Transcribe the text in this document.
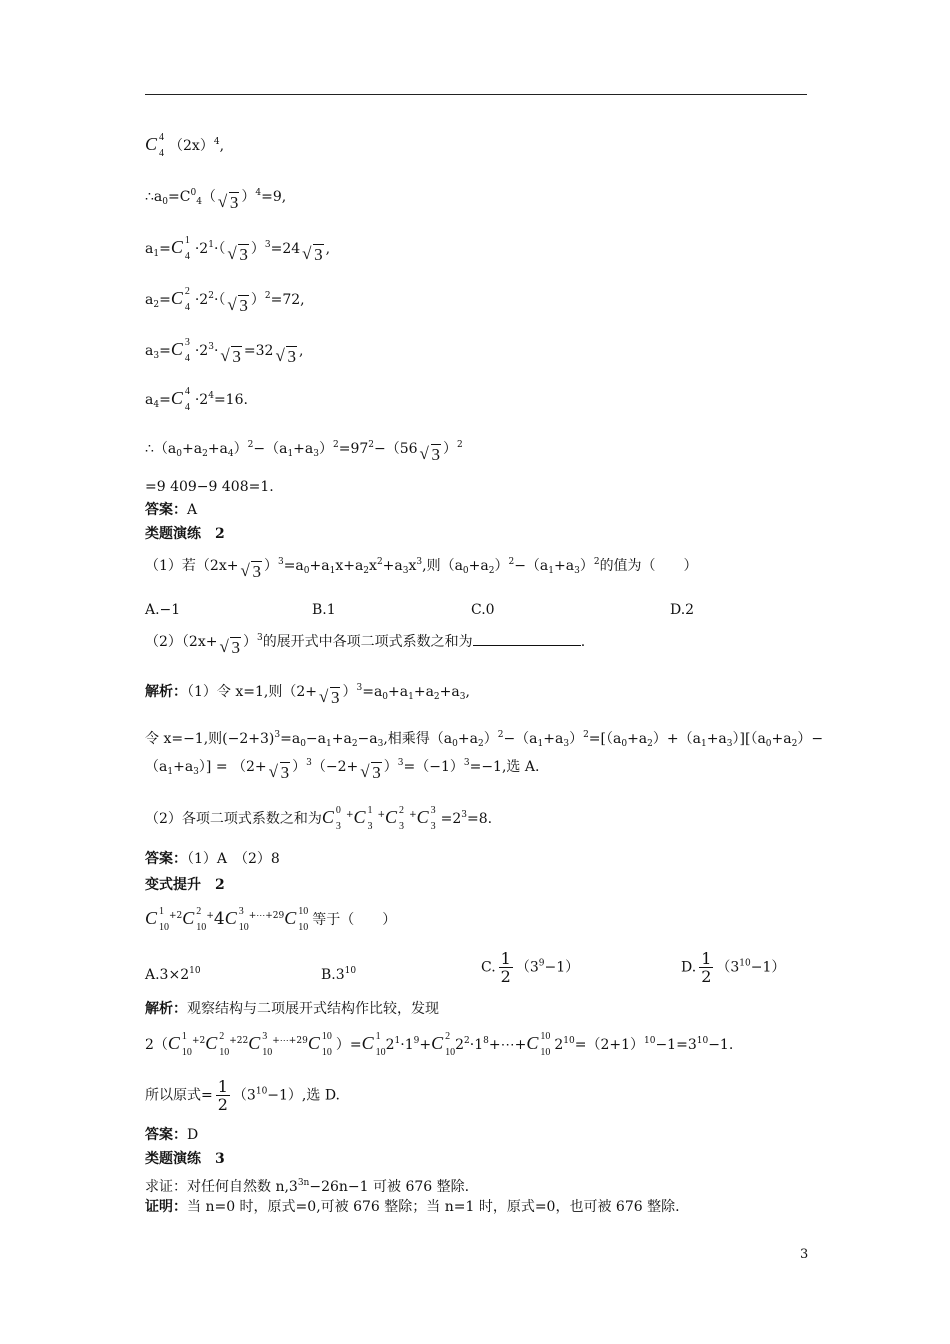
C 4
4 $(2x)^4$,
$\therefore a_0=C^0_4$（ √ 3 ）$^4$=9,
$a_1=C$ 1
$4 \cdot 2^1\cdot$（ √ 3 ）$^3$=24 √ 3 ,
$a_2=C$ 2
$4 \cdot 2^2\cdot$（ √ 3 ）$^2$=72,
$a_3=C$ 3
$4 \cdot 2^3\cdot$ √ 3 =32 √ 3 ,
$a_4=C$ 4
$4 \cdot 2^4=16$.
$\therefore(a_0+a_2+a_4)^2-(a_1+a_3)^2=97^2-(56$ √ 3 ）$^2$
=9 409−9 408=1.
答案：A
类题演练　2
（1）若（2x+ √ 3 ）$^3=a_0+a_1x+a_2x^2+a_3x^3$,则$(a_0+a_2)^2-(a_1+a_3)^2$的值为（　　）
A.−1	B.1	C.0	D.2
（2）（2x+ √ 3 ）$^3$的展开式中各项二项式系数之和为	.
解析：（1）令 x=1,则（2+ √ 3 ）$^3=a_0+a_1+a_2+a_3$,
令 x=−1,则$(-2+3)^3=a_0-a_1+a_2-a_3$,相乘得$(a_0+a_2)^2-(a_1+a_3)^2=[(a_0+a_2)+(a_1+a_3)][(a_0+a_2)-$
$(a_1+a_3)] = (2+$ √ 3 ）$^3$（−2+ √ 3 ）$^3=(-1)^3=-1$,选 A.
（2）各项二项式系数之和为C 0
3
+C 1
3
+C 2
3
+C 3
$3 =2^3=8$.
答案：（1）A　（2）8
变式提升　2
C 1
10
$^{+2}$C 2
10
+4C 3
10
$^{+\cdots+29}$C 10
10 等于（　　）
$A.3\times 2^{10}$	$B.3^{10}$	C. $\frac{1}{2} (3^9-1)$	D. $\frac{1}{2} (3^{10}-1)$
解析：观察结构与二项展开式结构作比较，发现
2（C 1
10
$^{+2}$C 2
10
$^{+22}$C 3
10
$^{+\cdots+29}$C 10
10 ）=C 1
10 $2^1\cdot 1^9+C$ 2
10 $2^2\cdot 1^8+\cdots+C$ 10
10 $2^{10}=(2+1)^{10}-1=3^{10}-1$.
所以原式= $\frac{1}{2} (3^{10}-1)$,选 D.
答案：D
类题演练　3
求证：对任何自然数 $n,3^{3n}-26n-1$ 可被 676 整除.
证明：当 n=0 时，原式=0,可被 676 整除；当 n=1 时，原式=0，也可被 676 整除.
3
